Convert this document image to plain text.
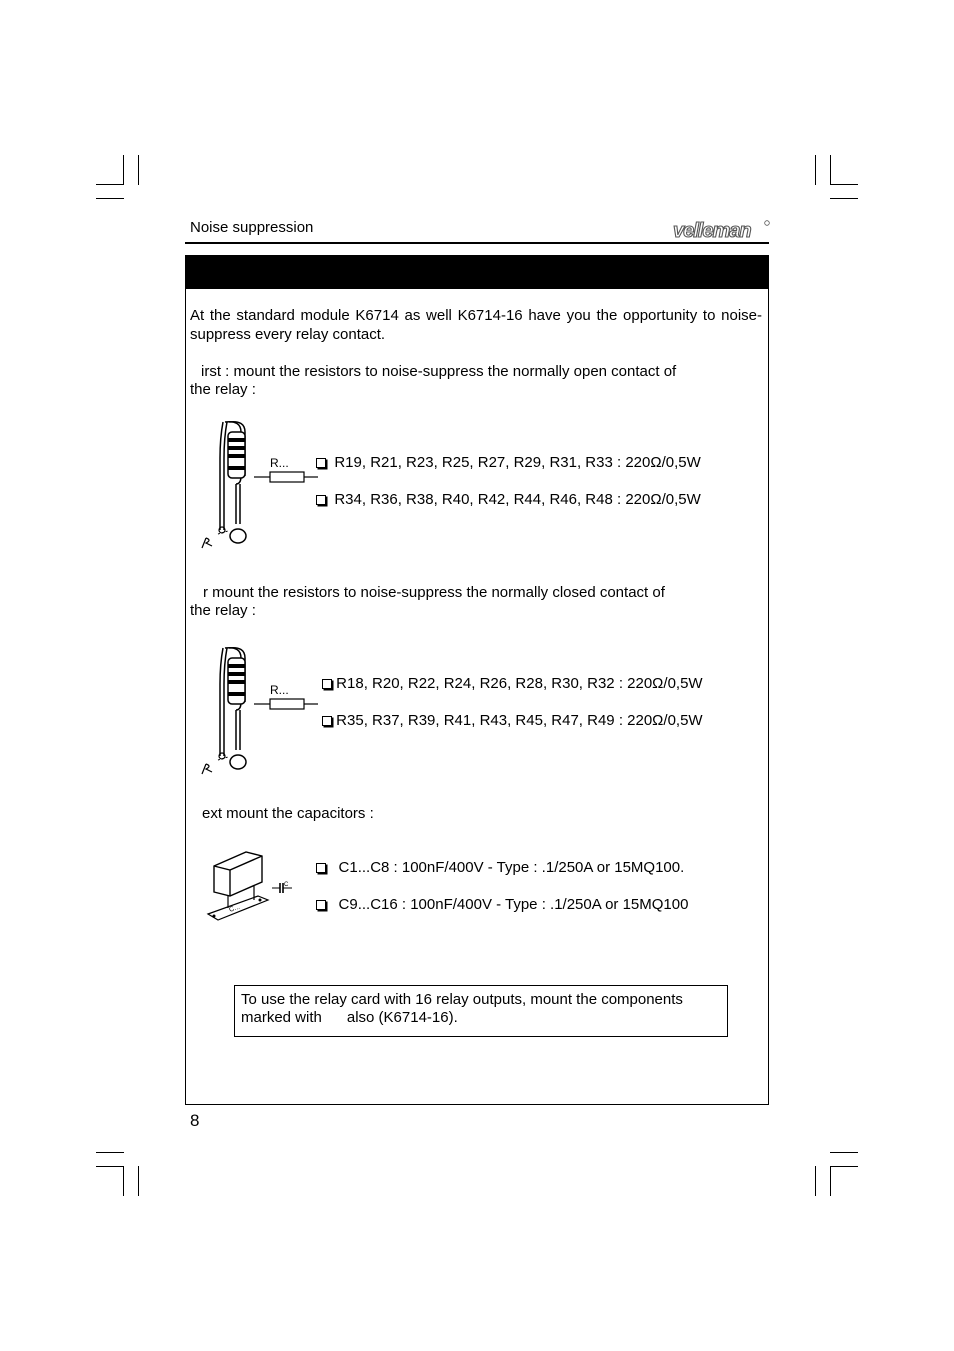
Noise suppression	velleman
At the standard module K6714 as well K6714-16 have you the opportunity to noise-suppress every relay contact.
irst : mount the resistors to noise-suppress the normally open contact of
the relay :
R...	R19, R21, R23, R25, R27, R29, R31, R33 : 220Ω/0,5W
R34, R36, R38, R40, R42, R44, R46, R48 : 220Ω/0,5W
r mount the resistors to noise-suppress the normally closed contact of
the relay :
R...	R18, R20, R22, R24, R26, R28, R30, R32 : 220Ω/0,5W
R35, R37, R39, R41, R43, R45, R47, R49 : 220Ω/0,5W
ext mount the capacitors :
C...
C
C1...C8 : 100nF/400V - Type : .1/250A or 15MQ100.
C9...C16 : 100nF/400V - Type : .1/250A or 15MQ100
To use the relay card with 16 relay outputs, mount the components
marked with      also (K6714-16).
8
